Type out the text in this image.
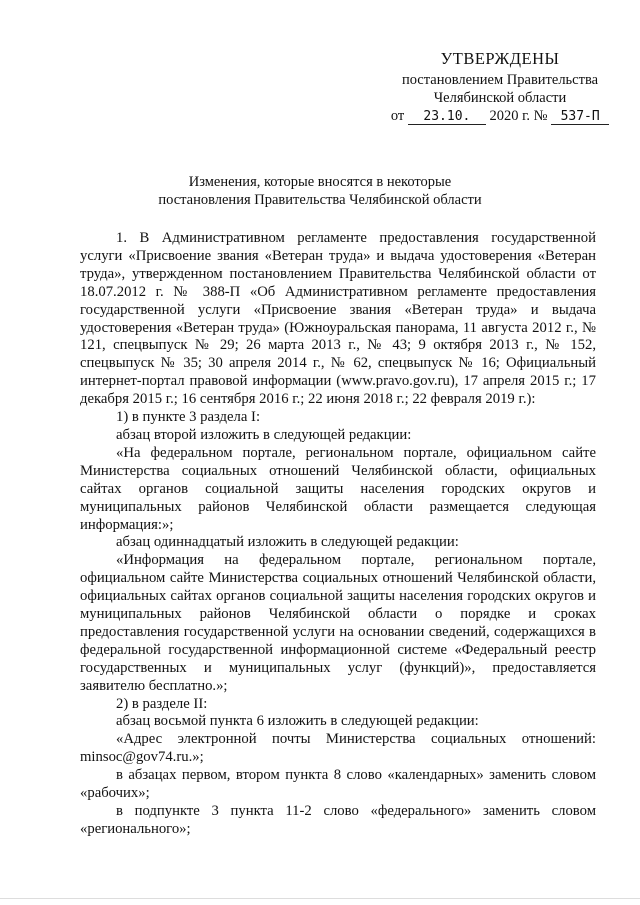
УТВЕРЖДЕНЫ
постановлением Правительства
Челябинской области
от 23.10. 2020 г. № 537-П
Изменения, которые вносятся в некоторые
постановления Правительства Челябинской области

1. В Административном регламенте предоставления государственной услуги «Присвоение звания «Ветеран труда» и выдача удостоверения «Ветеран труда», утвержденном постановлением Правительства Челябинской области от 18.07.2012 г. № 388-П «Об Административном регламенте предоставления государственной услуги «Присвоение звания «Ветеран труда» и выдача удостоверения «Ветеран труда» (Южноуральская панорама, 11 августа 2012 г., № 121, спецвыпуск № 29; 26 марта 2013 г., № 43; 9 октября 2013 г., № 152, спецвыпуск № 35; 30 апреля 2014 г., № 62, спецвыпуск № 16; Официальный интернет-портал правовой информации (www.pravo.gov.ru), 17 апреля 2015 г.; 17 декабря 2015 г.; 16 сентября 2016 г.; 22 июня 2018 г.; 22 февраля 2019 г.):

1) в пункте 3 раздела I:

абзац второй изложить в следующей редакции:

«На федеральном портале, региональном портале, официальном сайте Министерства социальных отношений Челябинской области, официальных сайтах органов социальной защиты населения городских округов и муниципальных районов Челябинской области размещается следующая информация:»;

абзац одиннадцатый изложить в следующей редакции:

«Информация на федеральном портале, региональном портале, официальном сайте Министерства социальных отношений Челябинской области, официальных сайтах органов социальной защиты населения городских округов и муниципальных районов Челябинской области о порядке и сроках предоставления государственной услуги на основании сведений, содержащихся в федеральной государственной информационной системе «Федеральный реестр государственных и муниципальных услуг (функций)», предоставляется заявителю бесплатно.»;

2) в разделе II:

абзац восьмой пункта 6 изложить в следующей редакции:

«Адрес электронной почты Министерства социальных отношений: minsoc@gov74.ru.»;

в абзацах первом, втором пункта 8 слово «календарных» заменить словом «рабочих»;

в подпункте 3 пункта 11-2 слово «федерального» заменить словом «регионального»;
